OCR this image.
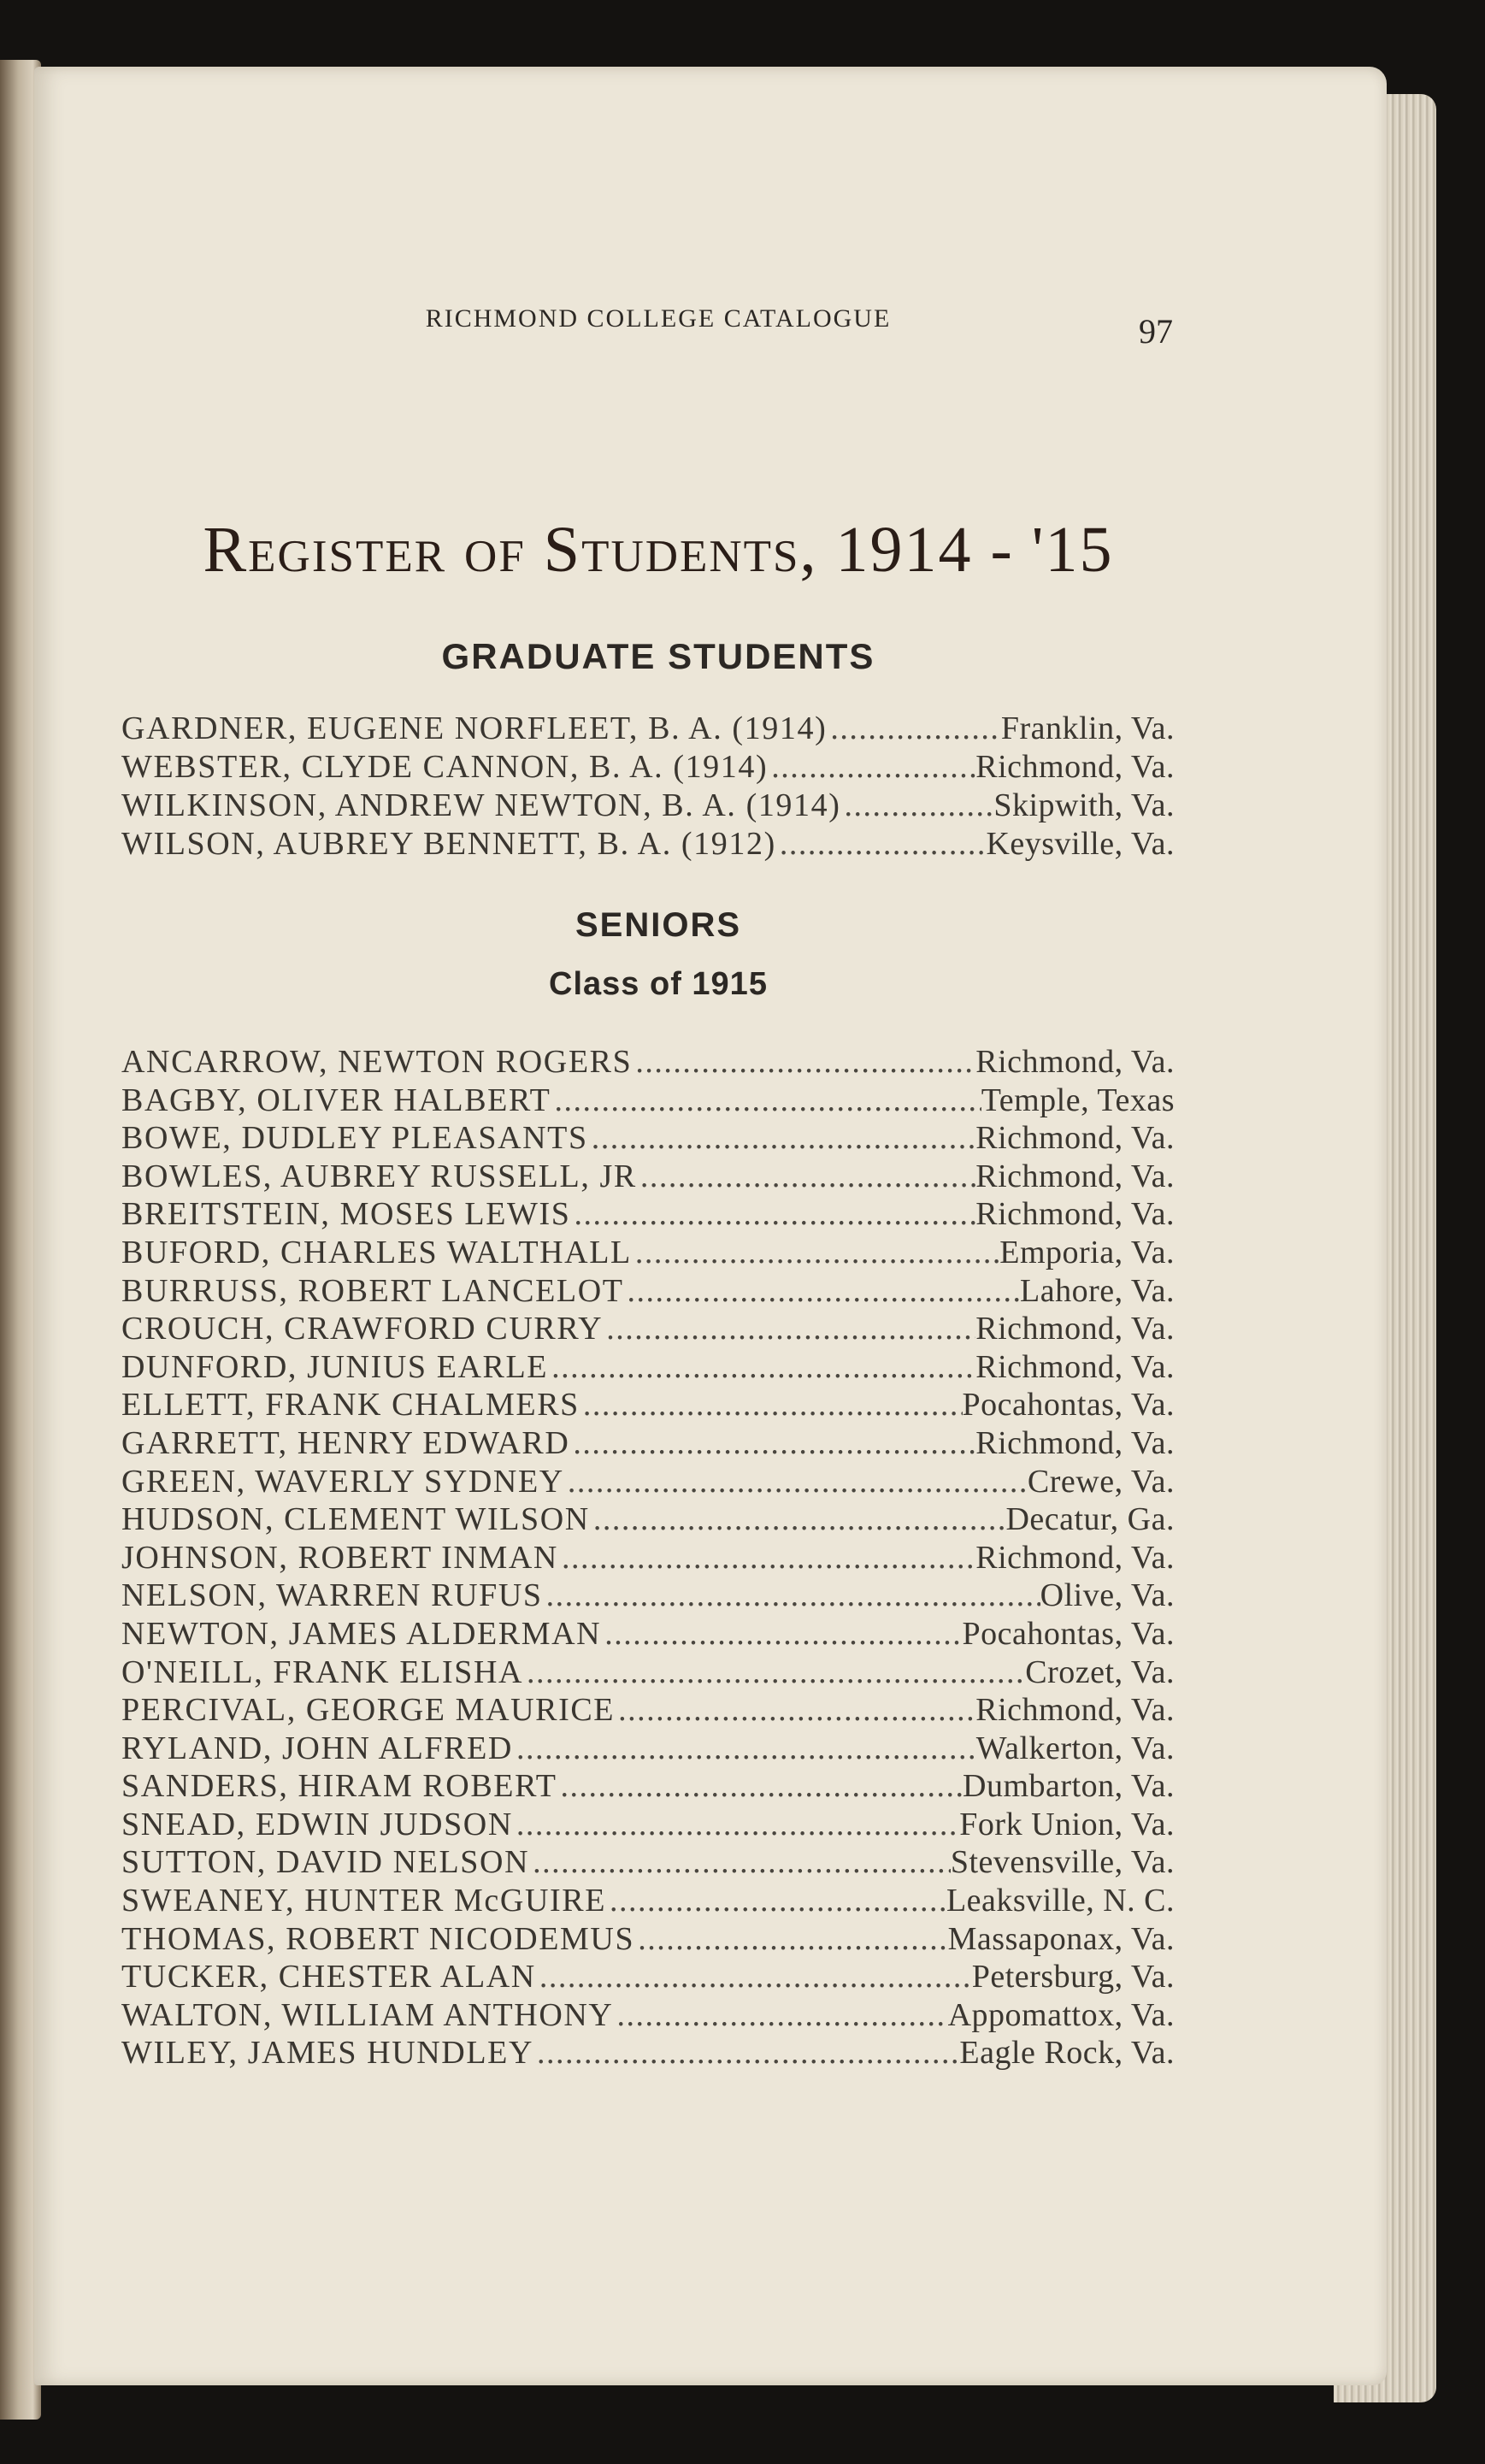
RICHMOND COLLEGE CATALOGUE	97
Register of Students, 1914 - '15
GRADUATE STUDENTS
GARDNER, EUGENE NORFLEET, B. A. (1914) . . .	Franklin, Va.
WEBSTER, CLYDE CANNON, B. A. (1914) . . .	Richmond, Va.
WILKINSON, ANDREW NEWTON, B. A. (1914) . . .	Skipwith, Va.
WILSON, AUBREY BENNETT, B. A. (1912) . . .	Keysville, Va.
SENIORS
Class of 1915
ANCARROW, NEWTON ROGERS . . .	Richmond, Va.
BAGBY, OLIVER HALBERT . . .	Temple, Texas
BOWE, DUDLEY PLEASANTS . . .	Richmond, Va.
BOWLES, AUBREY RUSSELL, JR . . .	Richmond, Va.
BREITSTEIN, MOSES LEWIS . . .	Richmond, Va.
BUFORD, CHARLES WALTHALL . . .	Emporia, Va.
BURRUSS, ROBERT LANCELOT . . .	Lahore, Va.
CROUCH, CRAWFORD CURRY . . .	Richmond, Va.
DUNFORD, JUNIUS EARLE . . .	Richmond, Va.
ELLETT, FRANK CHALMERS . . .	Pocahontas, Va.
GARRETT, HENRY EDWARD . . .	Richmond, Va.
GREEN, WAVERLY SYDNEY . . .	Crewe, Va.
HUDSON, CLEMENT WILSON . . .	Decatur, Ga.
JOHNSON, ROBERT INMAN . . .	Richmond, Va.
NELSON, WARREN RUFUS . . .	Olive, Va.
NEWTON, JAMES ALDERMAN . . .	Pocahontas, Va.
O'NEILL, FRANK ELISHA . . .	Crozet, Va.
PERCIVAL, GEORGE MAURICE . . .	Richmond, Va.
RYLAND, JOHN ALFRED . . .	Walkerton, Va.
SANDERS, HIRAM ROBERT . . .	Dumbarton, Va.
SNEAD, EDWIN JUDSON . . .	Fork Union, Va.
SUTTON, DAVID NELSON . . .	Stevensville, Va.
SWEANEY, HUNTER McGUIRE . . .	Leaksville, N. C.
THOMAS, ROBERT NICODEMUS . . .	Massaponax, Va.
TUCKER, CHESTER ALAN . . .	Petersburg, Va.
WALTON, WILLIAM ANTHONY . . .	Appomattox, Va.
WILEY, JAMES HUNDLEY . . .	Eagle Rock, Va.
